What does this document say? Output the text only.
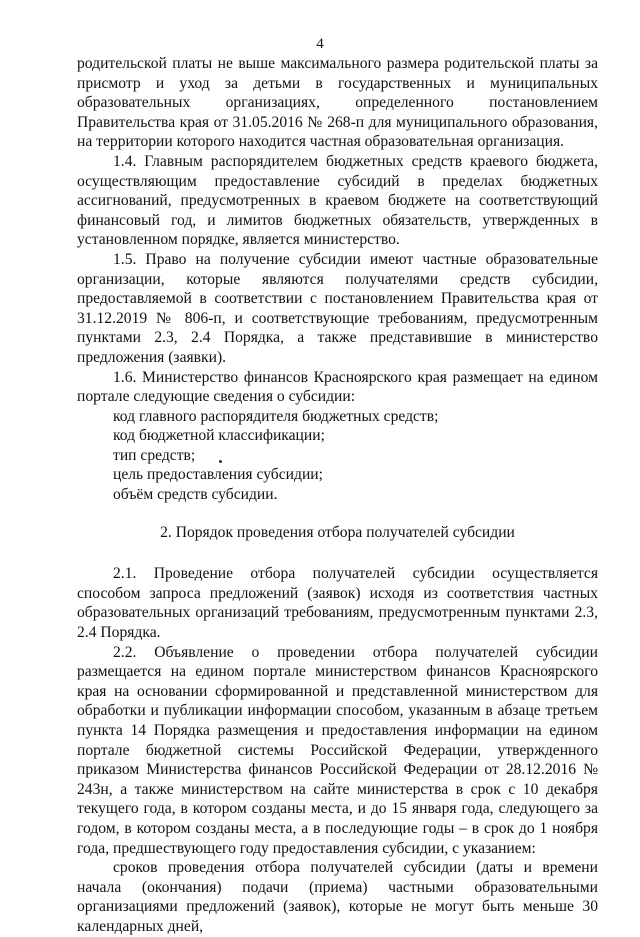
4

родительской платы не выше максимального размера родительской платы за присмотр и уход за детьми в государственных и муниципальных образовательных организациях, определенного постановлением Правительства края от 31.05.2016 № 268-п для муниципального образования, на территории которого находится частная образовательная организация.

1.4. Главным распорядителем бюджетных средств краевого бюджета, осуществляющим предоставление субсидий в пределах бюджетных ассигнований, предусмотренных в краевом бюджете на соответствующий финансовый год, и лимитов бюджетных обязательств, утвержденных в установленном порядке, является министерство.

1.5. Право на получение субсидии имеют частные образовательные организации, которые являются получателями средств субсидии, предоставляемой в соответствии с постановлением Правительства края от 31.12.2019 № 806-п, и соответствующие требованиям, предусмотренным пунктами 2.3, 2.4 Порядка, а также представившие в министерство предложения (заявки).

1.6. Министерство финансов Красноярского края размещает на едином портале следующие сведения о субсидии:

код главного распорядителя бюджетных средств;

код бюджетной классификации;

тип средств;

цель предоставления субсидии;

объём средств субсидии.

2. Порядок проведения отбора получателей субсидии

2.1. Проведение отбора получателей субсидии осуществляется способом запроса предложений (заявок) исходя из соответствия частных образовательных организаций требованиям, предусмотренным пунктами 2.3, 2.4 Порядка.

2.2. Объявление о проведении отбора получателей субсидии размещается на едином портале министерством финансов Красноярского края на основании сформированной и представленной министерством для обработки и публикации информации способом, указанным в абзаце третьем пункта 14 Порядка размещения и предоставления информации на едином портале бюджетной системы Российской Федерации, утвержденного приказом Министерства финансов Российской Федерации от 28.12.2016 № 243н, а также министерством на сайте министерства в срок с 10 декабря текущего года, в котором созданы места, и до 15 января года, следующего за годом, в котором созданы места, а в последующие годы – в срок до 1 ноября года, предшествующего году предоставления субсидии, с указанием:

сроков проведения отбора получателей субсидии (даты и времени начала (окончания) подачи (приема) частными образовательными организациями предложений (заявок), которые не могут быть меньше 30 календарных дней,
